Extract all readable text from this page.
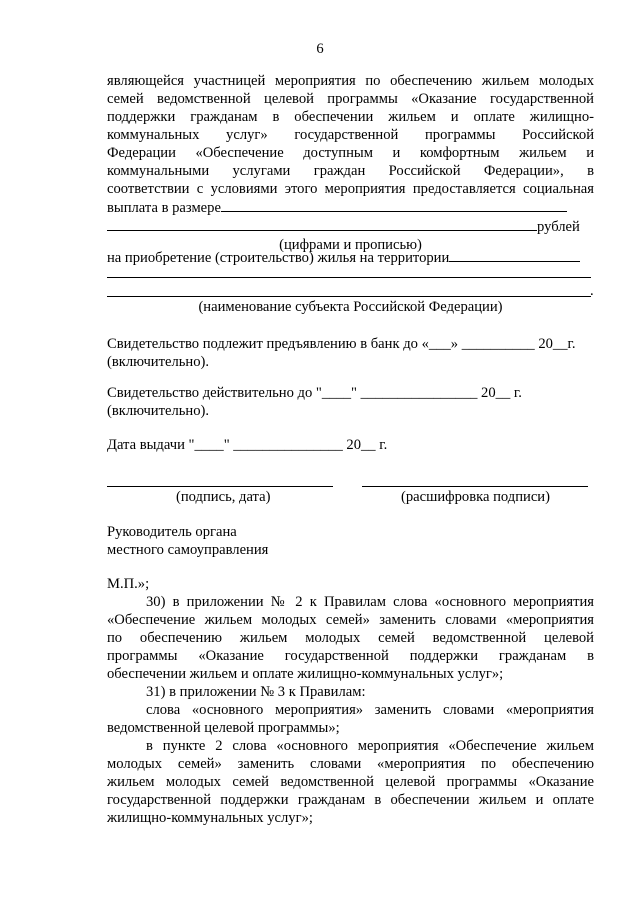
6
являющейся участницей мероприятия по обеспечению жильем молодых
семей ведомственной целевой программы «Оказание государственной
поддержки гражданам в обеспечении жильем и оплате жилищно-
коммунальных услуг» государственной программы Российской
Федерации «Обеспечение доступным и комфортным жильем и
коммунальными услугами граждан Российской Федерации», в
соответствии с условиями этого мероприятия предоставляется социальная
выплата в размере
рублей
(цифрами и прописью)
на приобретение (строительство) жилья на территории
.
(наименование субъекта Российской Федерации)
Свидетельство подлежит предъявлению в банк до «___» __________ 20__г.
(включительно).
Свидетельство действительно до "____" ________________ 20__ г.
(включительно).
Дата выдачи "____" _______________ 20__ г.
(подпись, дата)	(расшифровка подписи)
Руководитель органа
местного самоуправления
М.П.»;
30) в приложении № 2 к Правилам слова «основного мероприятия
«Обеспечение жильем молодых семей» заменить словами «мероприятия
по обеспечению жильем молодых семей ведомственной целевой
программы «Оказание государственной поддержки гражданам в
обеспечении жильем и оплате жилищно-коммунальных услуг»;
31) в приложении № 3 к Правилам:
слова «основного мероприятия» заменить словами «мероприятия
ведомственной целевой программы»;
в пункте 2 слова «основного мероприятия «Обеспечение жильем
молодых семей» заменить словами «мероприятия по обеспечению
жильем молодых семей ведомственной целевой программы «Оказание
государственной поддержки гражданам в обеспечении жильем и оплате
жилищно-коммунальных услуг»;
